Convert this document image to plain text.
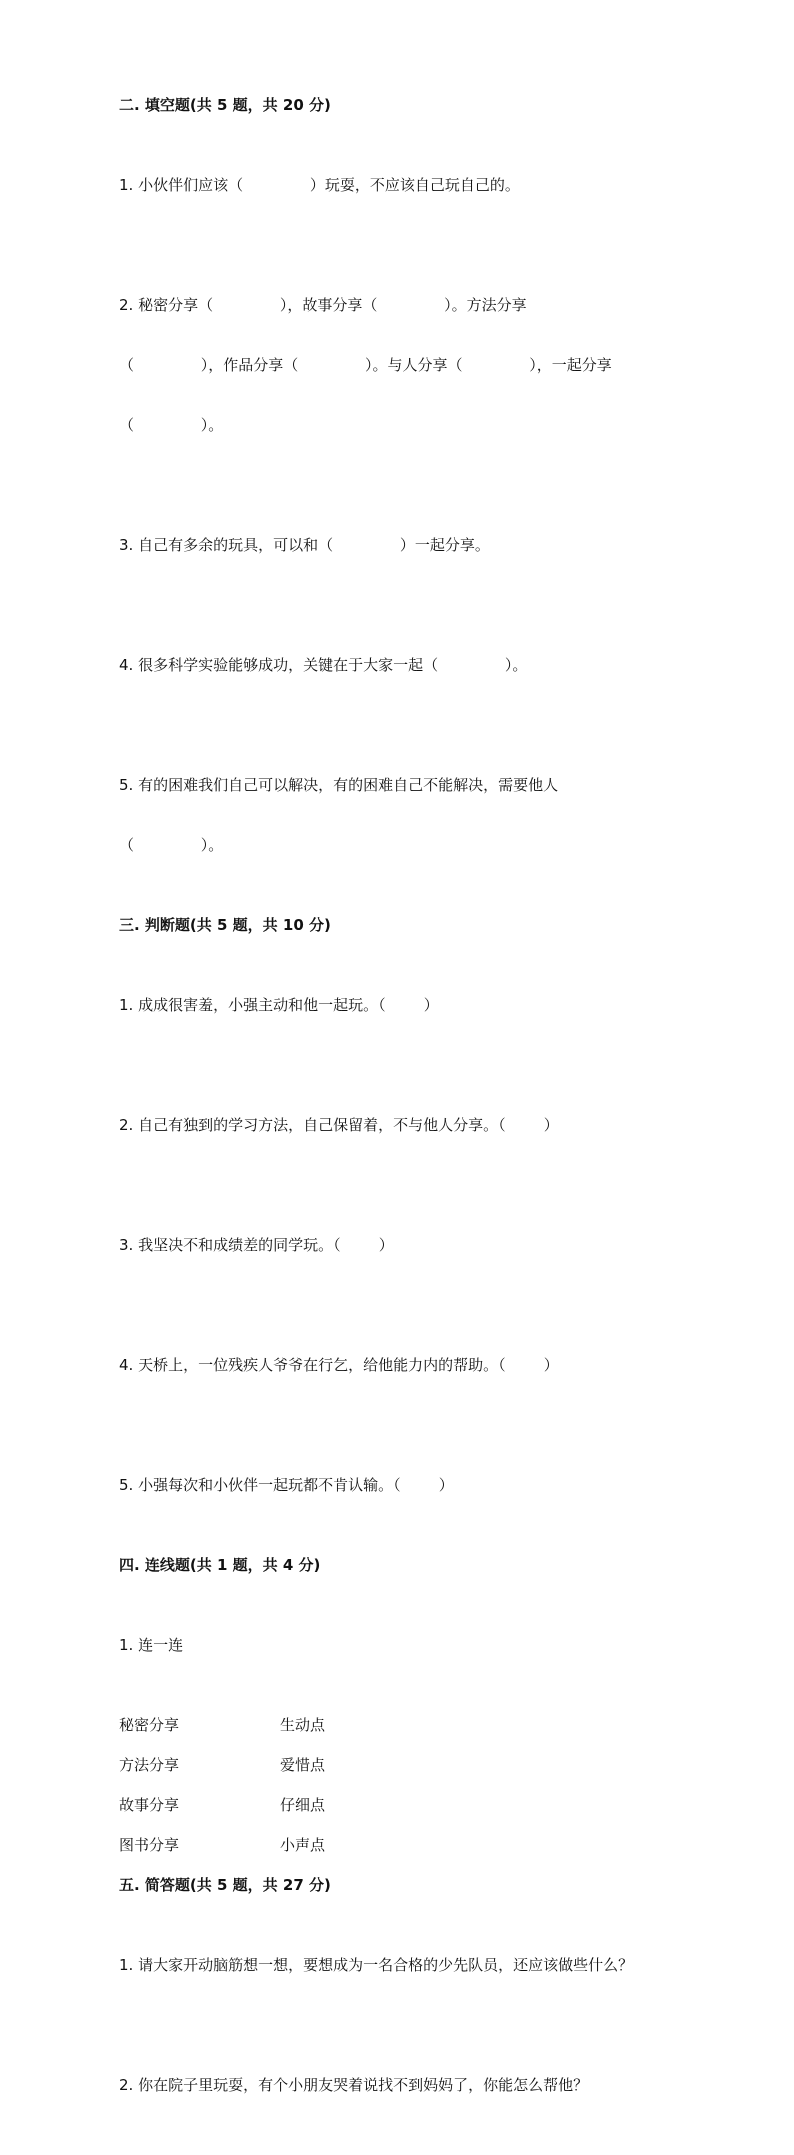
二. 填空题(共 5 题，共 20 分)

1. 小伙伴们应该（              ）玩耍，不应该自己玩自己的。

2. 秘密分享（              ），故事分享（              ）。方法分享

（              ），作品分享（              ）。与人分享（              ），一起分享

（              ）。

3. 自己有多余的玩具，可以和（              ）一起分享。

4. 很多科学实验能够成功，关键在于大家一起（              ）。

5. 有的困难我们自己可以解决，有的困难自己不能解决，需要他人

（              ）。

三. 判断题(共 5 题，共 10 分)

1. 成成很害羞，小强主动和他一起玩。（        ）

2. 自己有独到的学习方法，自己保留着，不与他人分享。（        ）

3. 我坚决不和成绩差的同学玩。（        ）

4. 天桥上，一位残疾人爷爷在行乞，给他能力内的帮助。（        ）

5. 小强每次和小伙伴一起玩都不肯认输。（        ）

四. 连线题(共 1 题，共 4 分)

1. 连一连

秘密分享	生动点
方法分享	爱惜点
故事分享	仔细点
图书分享	小声点
五. 简答题(共 5 题，共 27 分)

1. 请大家开动脑筋想一想，要想成为一名合格的少先队员，还应该做些什么？

2. 你在院子里玩耍，有个小朋友哭着说找不到妈妈了，你能怎么帮他？
